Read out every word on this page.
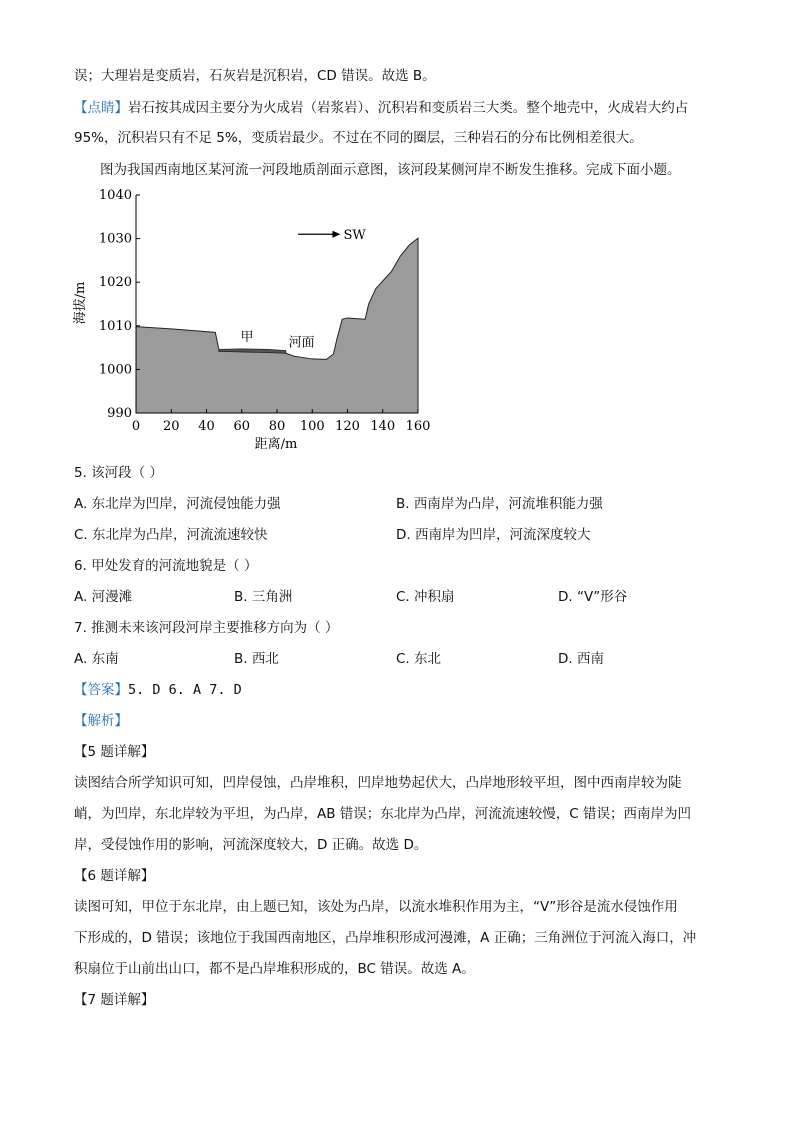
误；大理岩是变质岩，石灰岩是沉积岩，CD 错误。故选 B。
【点睛】岩石按其成因主要分为火成岩（岩浆岩）、沉积岩和变质岩三大类。整个地壳中，火成岩大约占
95%，沉积岩只有不足 5%，变质岩最少。不过在不同的圈层，三种岩石的分布比例相差很大。
图为我国西南地区某河流一河段地质剖面示意图，该河段某侧河岸不断发生推移。完成下面小题。
0 20 40 60 80 100 120 140 160
990
1000
1010
1020
1030
1040
甲	河面
SW
海拔/m
距离/m
5. 该河段（ ）
A. 东北岸为凹岸，河流侵蚀能力强	B. 西南岸为凸岸，河流堆积能力强
C. 东北岸为凸岸，河流流速较快	D. 西南岸为凹岸，河流深度较大
6. 甲处发育的河流地貌是（ ）
A. 河漫滩	B. 三角洲	C. 冲积扇	D. “V”形谷
7. 推测未来该河段河岸主要推移方向为（ ）
A. 东南	B. 西北	C. 东北	D. 西南
【答案】5. D 6. A 7. D
【解析】
【5 题详解】
读图结合所学知识可知，凹岸侵蚀，凸岸堆积，凹岸地势起伏大，凸岸地形较平坦，图中西南岸较为陡
峭，为凹岸，东北岸较为平坦，为凸岸，AB 错误；东北岸为凸岸，河流流速较慢，C 错误；西南岸为凹
岸，受侵蚀作用的影响，河流深度较大，D 正确。故选 D。
【6 题详解】
读图可知，甲位于东北岸，由上题已知，该处为凸岸，以流水堆积作用为主，“V”形谷是流水侵蚀作用
下形成的，D 错误；该地位于我国西南地区，凸岸堆积形成河漫滩，A 正确；三角洲位于河流入海口，冲
积扇位于山前出山口，都不是凸岸堆积形成的，BC 错误。故选 A。
【7 题详解】
